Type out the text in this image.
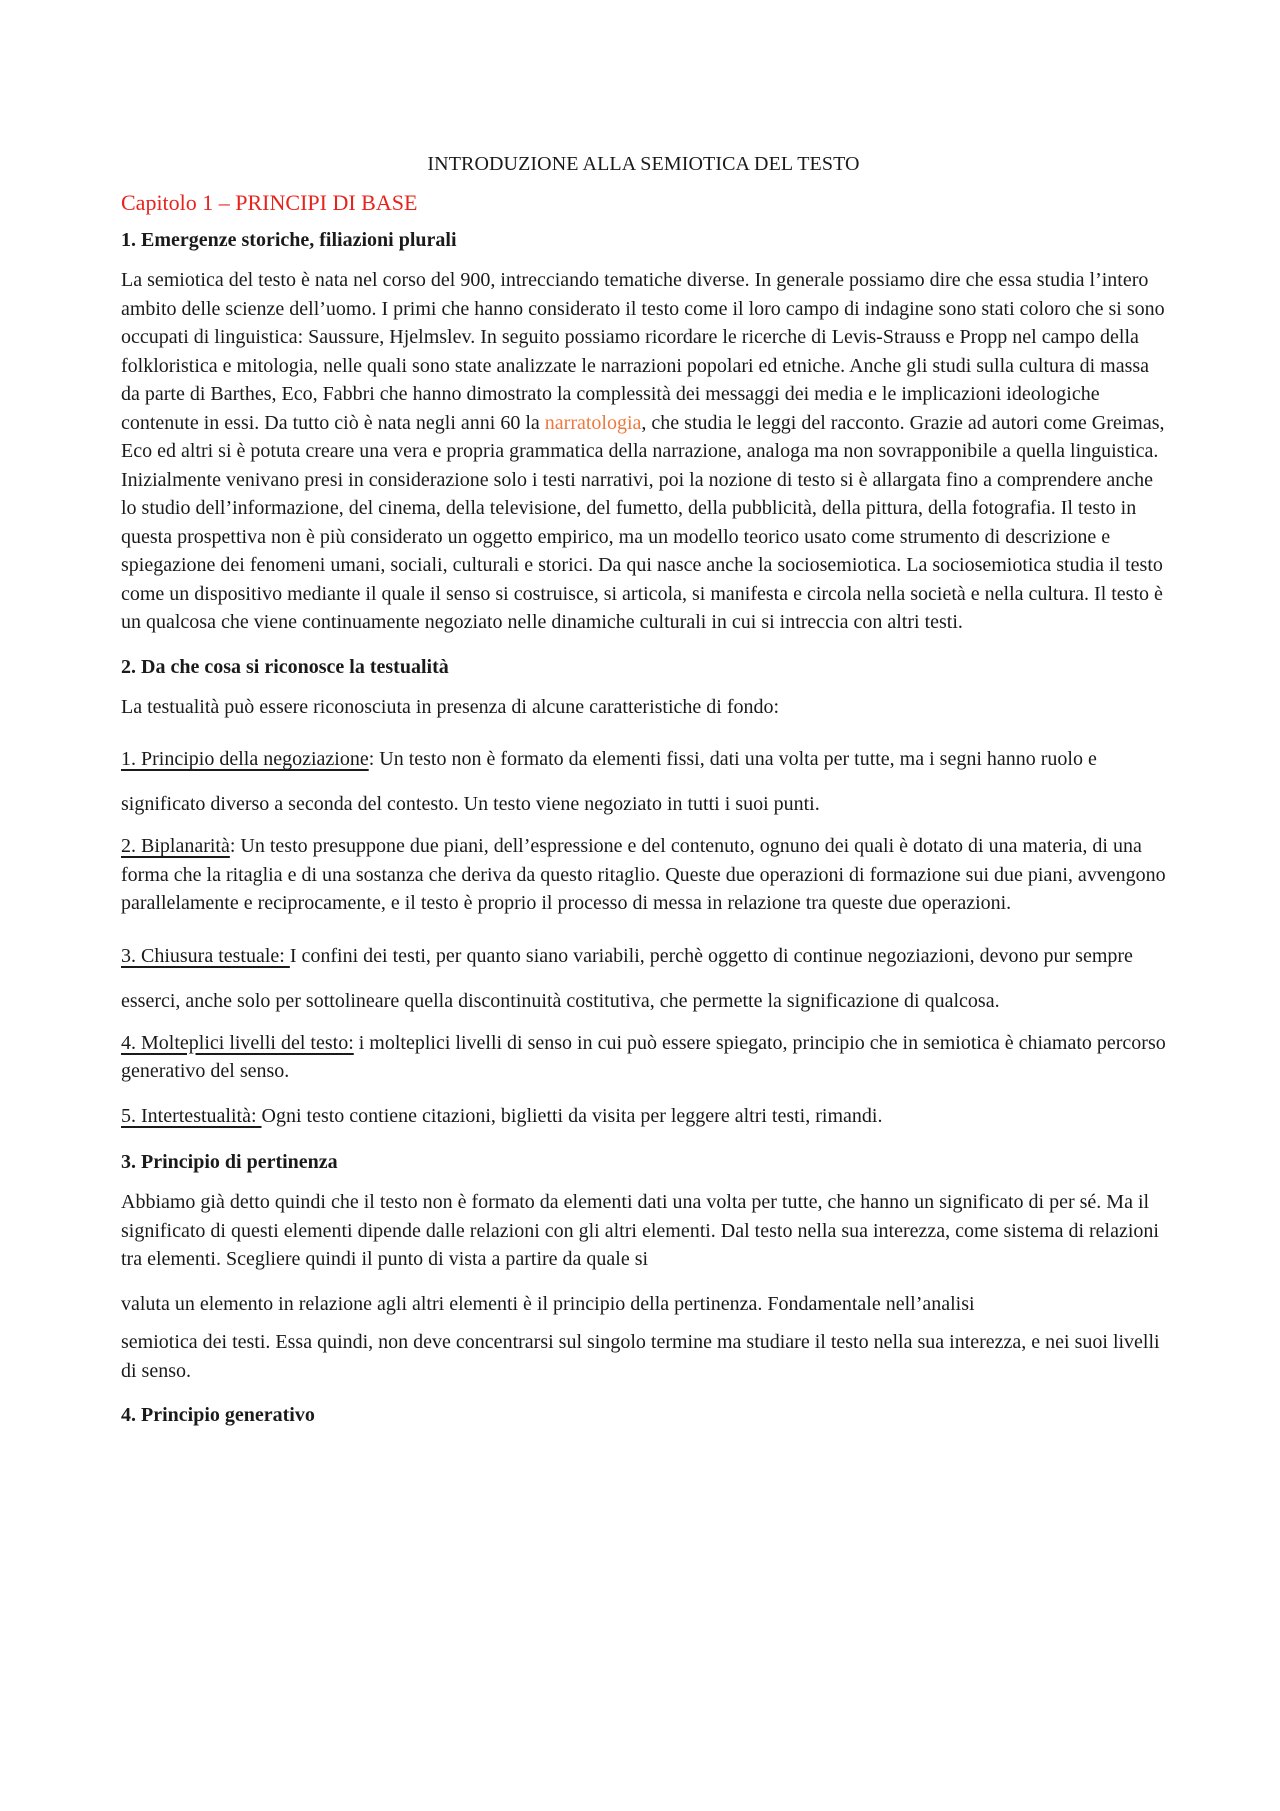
INTRODUZIONE ALLA SEMIOTICA DEL TESTO
Capitolo 1 – PRINCIPI DI BASE
1. Emergenze storiche, filiazioni plurali

La semiotica del testo è nata nel corso del 900, intrecciando tematiche diverse. In generale possiamo dire che essa studia l’intero ambito delle scienze dell’uomo. I primi che hanno considerato il testo come il loro campo di indagine sono stati coloro che si sono occupati di linguistica: Saussure, Hjelmslev. In seguito possiamo ricordare le ricerche di Levis-Strauss e Propp nel campo della folkloristica e mitologia, nelle quali sono state analizzate le narrazioni popolari ed etniche. Anche gli studi sulla cultura di massa da parte di Barthes, Eco, Fabbri che hanno dimostrato la complessità dei messaggi dei media e le implicazioni ideologiche contenute in essi. Da tutto ciò è nata negli anni 60 la narratologia, che studia le leggi del racconto. Grazie ad autori come Greimas, Eco ed altri si è potuta creare una vera e propria grammatica della narrazione, analoga ma non sovrapponibile a quella linguistica. Inizialmente venivano presi in considerazione solo i testi narrativi, poi la nozione di testo si è allargata fino a comprendere anche lo studio dell’informazione, del cinema, della televisione, del fumetto, della pubblicità, della pittura, della fotografia. Il testo in questa prospettiva non è più considerato un oggetto empirico, ma un modello teorico usato come strumento di descrizione e spiegazione dei fenomeni umani, sociali, culturali e storici. Da qui nasce anche la sociosemiotica. La sociosemiotica studia il testo come un dispositivo mediante il quale il senso si costruisce, si articola, si manifesta e circola nella società e nella cultura. Il testo è un qualcosa che viene continuamente negoziato nelle dinamiche culturali in cui si intreccia con altri testi.

2. Da che cosa si riconosce la testualità

La testualità può essere riconosciuta in presenza di alcune caratteristiche di fondo:

1. Principio della negoziazione: Un testo non è formato da elementi fissi, dati una volta per tutte, ma i segni hanno ruolo e significato diverso a seconda del contesto. Un testo viene negoziato in tutti i suoi punti.

2. Biplanarità: Un testo presuppone due piani, dell’espressione e del contenuto, ognuno dei quali è dotato di una materia, di una forma che la ritaglia e di una sostanza che deriva da questo ritaglio. Queste due operazioni di formazione sui due piani, avvengono parallelamente e reciprocamente, e il testo è proprio il processo di messa in relazione tra queste due operazioni.

3. Chiusura testuale: I confini dei testi, per quanto siano variabili, perchè oggetto di continue negoziazioni, devono pur sempre esserci, anche solo per sottolineare quella discontinuità costitutiva, che permette la significazione di qualcosa.

4. Molteplici livelli del testo: i molteplici livelli di senso in cui può essere spiegato, principio che in semiotica è chiamato percorso generativo del senso.

5. Intertestualità: Ogni testo contiene citazioni, biglietti da visita per leggere altri testi, rimandi.

3. Principio di pertinenza

Abbiamo già detto quindi che il testo non è formato da elementi dati una volta per tutte, che hanno un significato di per sé. Ma il significato di questi elementi dipende dalle relazioni con gli altri elementi. Dal testo nella sua interezza, come sistema di relazioni tra elementi. Scegliere quindi il punto di vista a partire da quale si

valuta un elemento in relazione agli altri elementi è il principio della pertinenza. Fondamentale nell’analisi

semiotica dei testi. Essa quindi, non deve concentrarsi sul singolo termine ma studiare il testo nella sua interezza, e nei suoi livelli di senso.

4. Principio generativo
